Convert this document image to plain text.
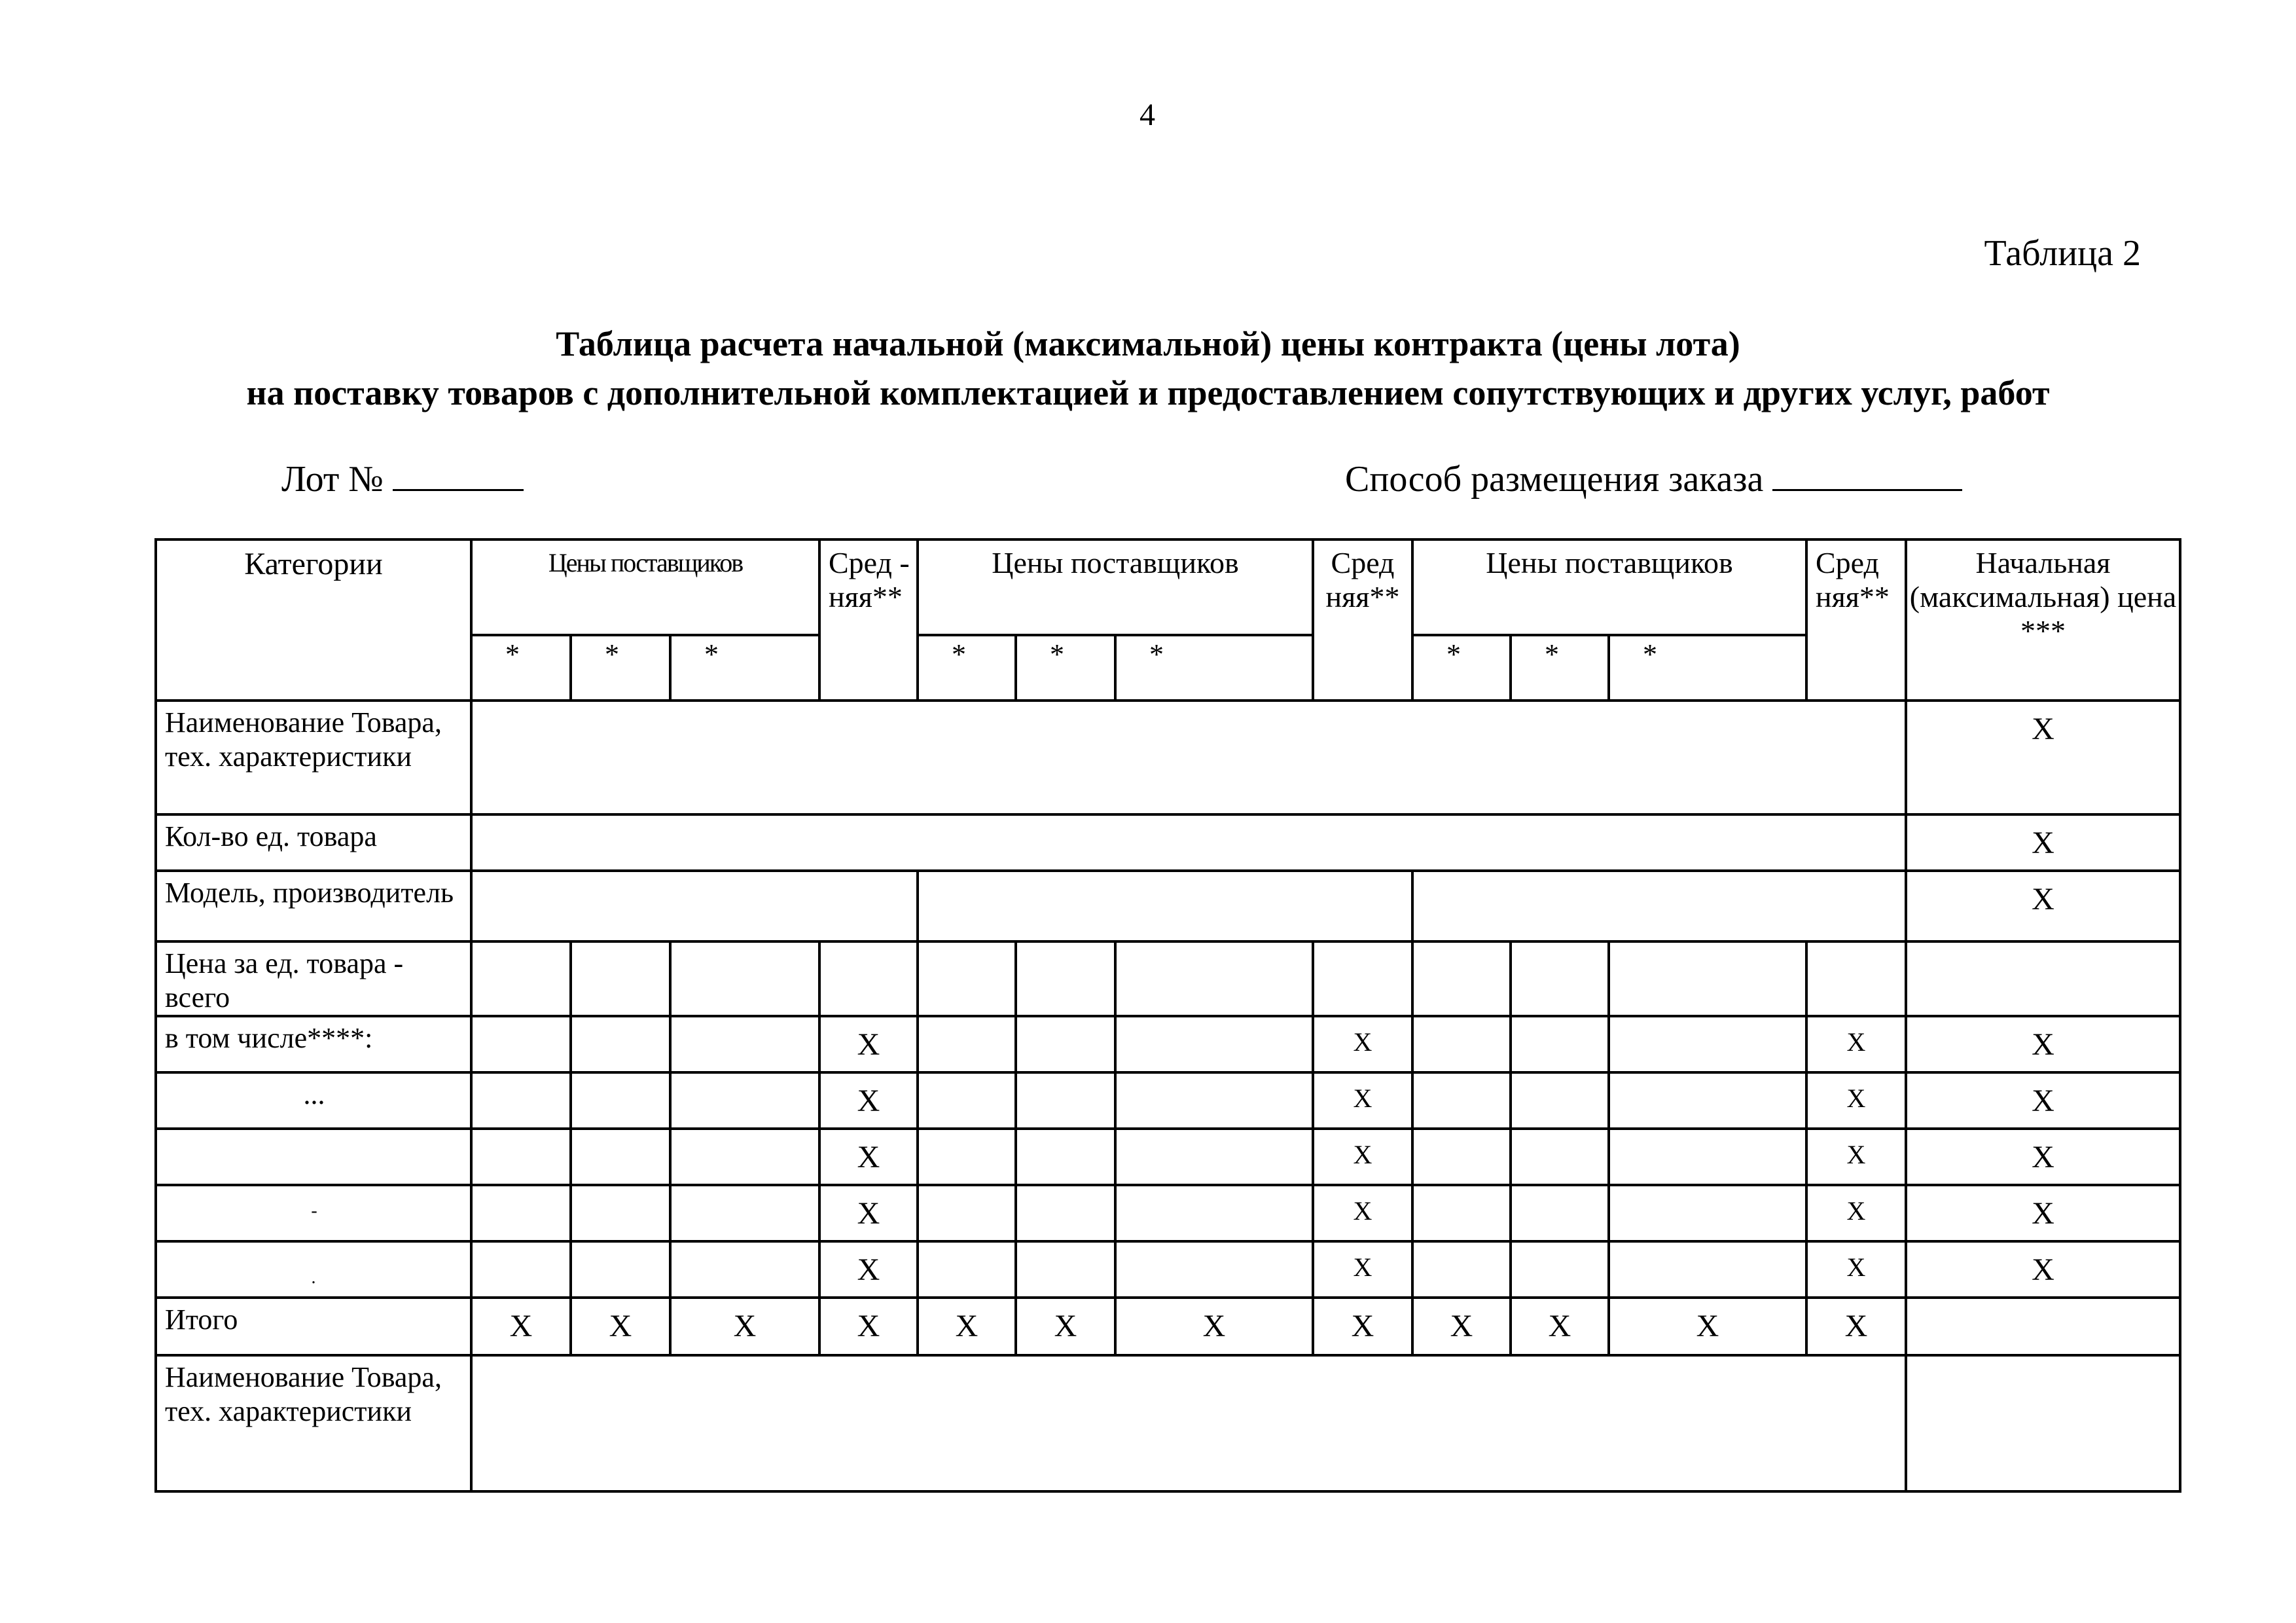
4
Таблица 2
Таблица расчета начальной (максимальной) цены контракта (цены лота)
на поставку товаров с дополнительной комплектацией и предоставлением сопутствующих и других услуг, работ
Лот №	Способ размещения заказа
Категории	Цены поставщиков			Сред - няя**	Цены поставщиков			Сред няя**	Цены поставщиков			Сред няя**	Начальная (максимальная) цена ***
	*	*	*		*	*	*		*	*	*		
Наименование Товара, тех. характеристики													Х
Кол-во ед. товара													Х
Модель, производитель													Х
Цена за ед. товара - всего													
в том числе****:				Х				Х				Х	Х
...				Х				Х				Х	Х
				Х				Х				Х	Х
-				Х				Х				Х	Х
.				Х				Х				Х	Х
Итого	Х	Х	Х	Х	Х	Х	Х	Х	Х	Х	Х	Х	
Наименование Товара, тех. характеристики													
